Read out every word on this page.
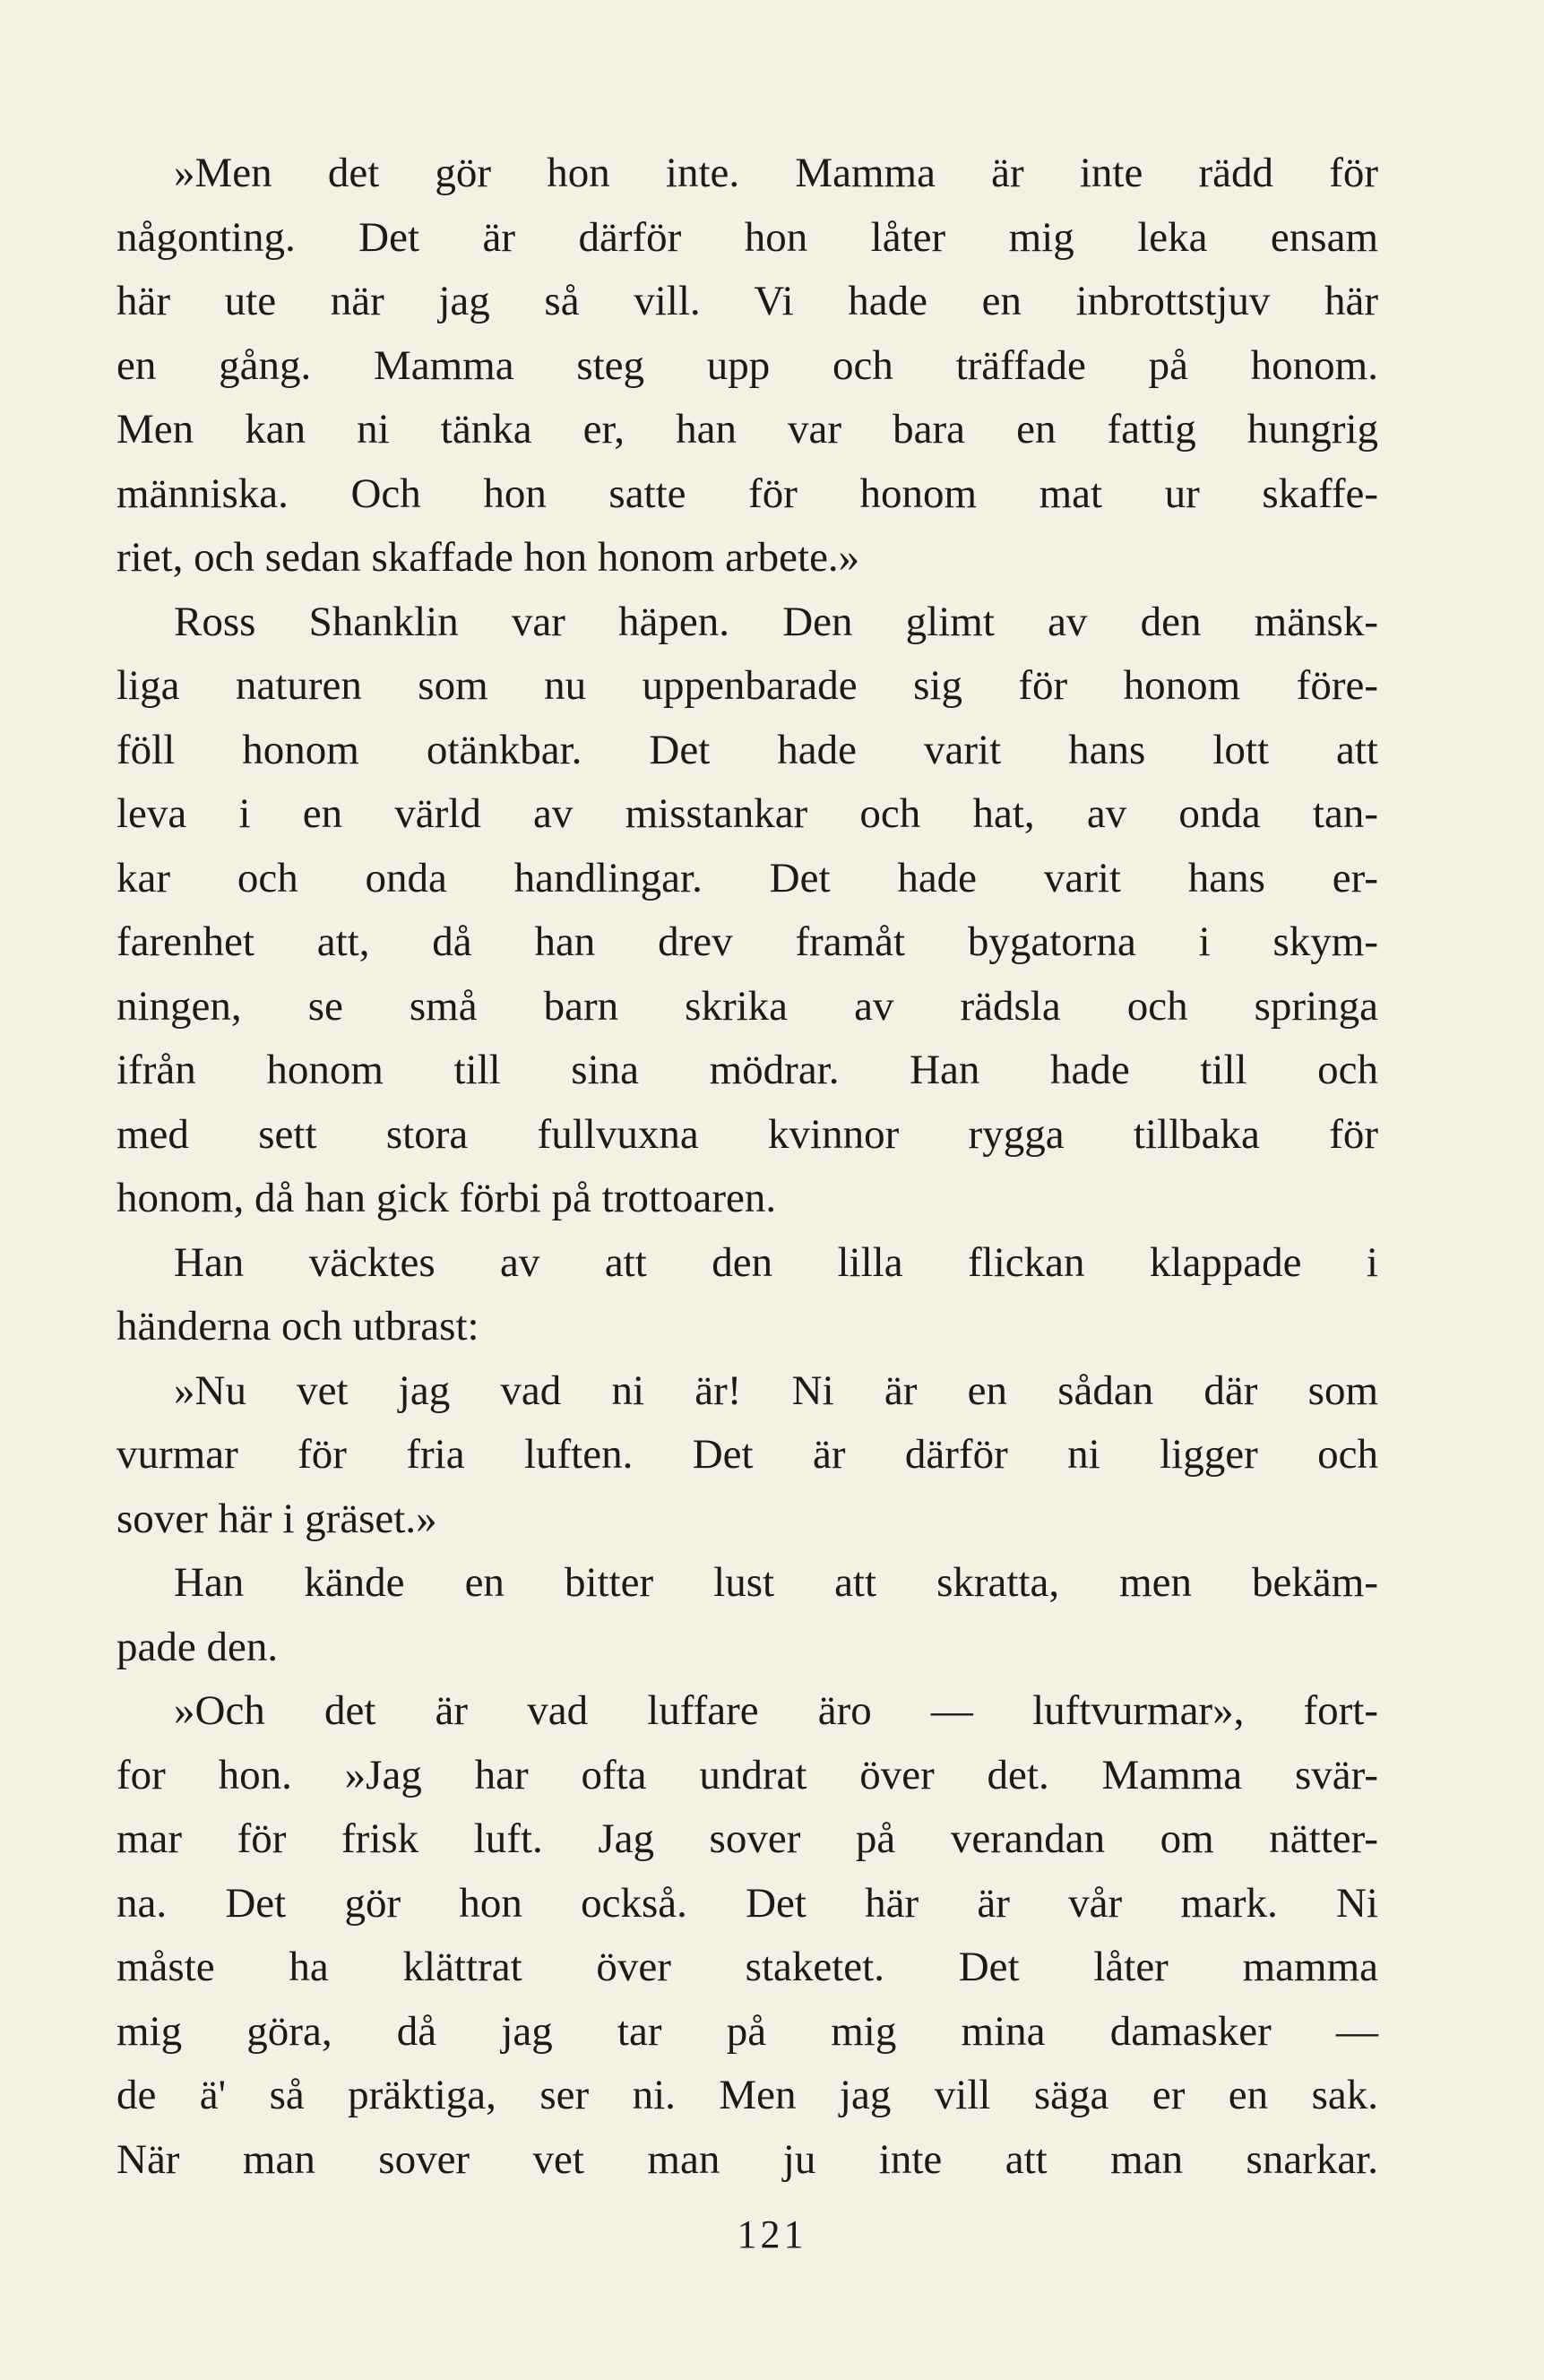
»Men det gör hon inte. Mamma är inte rädd för
någonting. Det är därför hon låter mig leka ensam
här ute när jag så vill. Vi hade en inbrottstjuv här
en gång. Mamma steg upp och träffade på honom.
Men kan ni tänka er, han var bara en fattig hungrig
människa. Och hon satte för honom mat ur skaffe-
riet, och sedan skaffade hon honom arbete.»
Ross Shanklin var häpen. Den glimt av den mänsk-
liga naturen som nu uppenbarade sig för honom före-
föll honom otänkbar. Det hade varit hans lott att
leva i en värld av misstankar och hat, av onda tan-
kar och onda handlingar. Det hade varit hans er-
farenhet att, då han drev framåt bygatorna i skym-
ningen, se små barn skrika av rädsla och springa
ifrån honom till sina mödrar. Han hade till och
med sett stora fullvuxna kvinnor rygga tillbaka för
honom, då han gick förbi på trottoaren.
Han väcktes av att den lilla flickan klappade i
händerna och utbrast:
»Nu vet jag vad ni är! Ni är en sådan där som
vurmar för fria luften. Det är därför ni ligger och
sover här i gräset.»
Han kände en bitter lust att skratta, men bekäm-
pade den.
»Och det är vad luffare äro — luftvurmar», fort-
for hon. »Jag har ofta undrat över det. Mamma svär-
mar för frisk luft. Jag sover på verandan om nätter-
na. Det gör hon också. Det här är vår mark. Ni
måste ha klättrat över staketet. Det låter mamma
mig göra, då jag tar på mig mina damasker —
de ä' så präktiga, ser ni. Men jag vill säga er en sak.
När man sover vet man ju inte att man snarkar.
121
